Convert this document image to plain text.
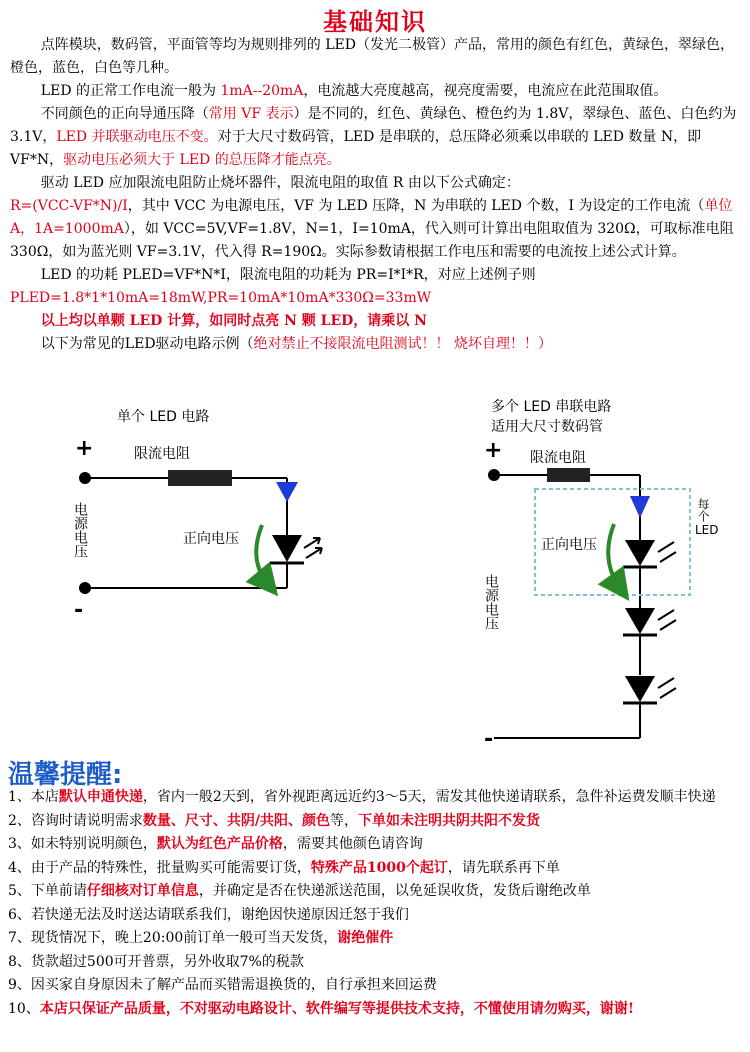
基础知识

点阵模块，数码管，平面管等均为规则排列的 LED（发光二极管）产品，常用的颜色有红色，黄绿色，翠绿色，橙色，蓝色，白色等几种。

LED 的正常工作电流一般为 1mA--20mA，电流越大亮度越高，视亮度需要，电流应在此范围取值。

不同颜色的正向导通压降（常用 VF 表示）是不同的，红色、黄绿色、橙色约为 1.8V，翠绿色、蓝色、白色约为 3.1V，LED 并联驱动电压不变。对于大尺寸数码管，LED 是串联的，总压降必须乘以串联的 LED 数量 N，即 VF*N，驱动电压必须大于 LED 的总压降才能点亮。

驱动 LED 应加限流电阻防止烧坏器件，限流电阻的取值 R 由以下公式确定：

R=(VCC-VF*N)/I，其中 VCC 为电源电压，VF 为 LED 压降，N 为串联的 LED 个数，I 为设定的工作电流（单位 A，1A=1000mA），如 VCC=5V,VF=1.8V，N=1，I=10mA，代入则可计算出电阻取值为 320Ω，可取标准电阻 330Ω，如为蓝光则 VF=3.1V，代入得 R=190Ω。实际参数请根据工作电压和需要的电流按上述公式计算。

LED 的功耗 PLED=VF*N*I，限流电阻的功耗为 PR=I*I*R，对应上述例子则

PLED=1.8*1*10mA=18mW,PR=10mA*10mA*330Ω=33mW

以上均以单颗 LED 计算，如同时点亮 N 颗 LED，请乘以 N

以下为常见的LED驱动电路示例（绝对禁止不接限流电阻测试！！ 烧坏自理！！）

单个 LED 电路
+	限流电阻
正向电压
电源电压
-
多个 LED 串联电路
适用大尺寸数码管
+ 限流电阻
正向电压
每个
LED
电源电压
-
温馨提醒:
1、本店默认申通快递，省内一般2天到，省外视距离远近约3～5天，需发其他快递请联系，急件补运费发顺丰快递
2、咨询时请说明需求数量、尺寸、共阴/共阳、颜色等，下单如未注明共阴共阳不发货
3、如未特别说明颜色，默认为红色产品价格，需要其他颜色请咨询
4、由于产品的特殊性，批量购买可能需要订货，特殊产品1000个起订，请先联系再下单
5、下单前请仔细核对订单信息，并确定是否在快递派送范围，以免延误收货，发货后谢绝改单
6、若快递无法及时送达请联系我们，谢绝因快递原因迁怒于我们
7、现货情况下，晚上20:00前订单一般可当天发货，谢绝催件
8、货款超过500可开普票，另外收取7%的税款
9、因买家自身原因未了解产品而买错需退换货的，自行承担来回运费
10、本店只保证产品质量，不对驱动电路设计、软件编写等提供技术支持，不懂使用请勿购买，谢谢!
